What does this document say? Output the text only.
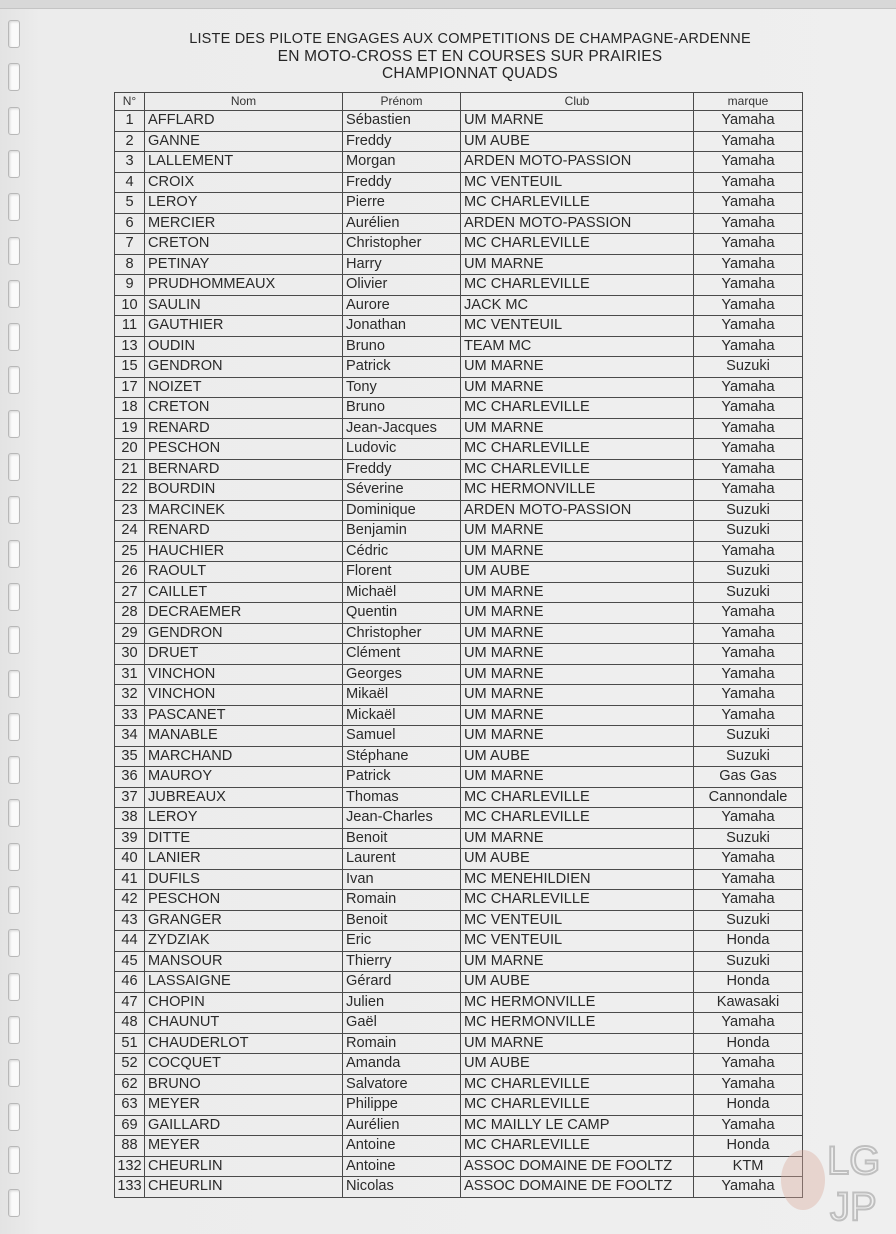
LISTE DES PILOTE ENGAGES AUX COMPETITIONS DE CHAMPAGNE-ARDENNE
EN MOTO-CROSS ET EN COURSES SUR PRAIRIES
CHAMPIONNAT QUADS
N°	Nom	Prénom	Club	marque
1	AFFLARD	Sébastien	UM MARNE	Yamaha
2	GANNE	Freddy	UM AUBE	Yamaha
3	LALLEMENT	Morgan	ARDEN MOTO-PASSION	Yamaha
4	CROIX	Freddy	MC VENTEUIL	Yamaha
5	LEROY	Pierre	MC CHARLEVILLE	Yamaha
6	MERCIER	Aurélien	ARDEN MOTO-PASSION	Yamaha
7	CRETON	Christopher	MC CHARLEVILLE	Yamaha
8	PETINAY	Harry	UM MARNE	Yamaha
9	PRUDHOMMEAUX	Olivier	MC CHARLEVILLE	Yamaha
10	SAULIN	Aurore	JACK MC	Yamaha
11	GAUTHIER	Jonathan	MC VENTEUIL	Yamaha
13	OUDIN	Bruno	TEAM MC	Yamaha
15	GENDRON	Patrick	UM MARNE	Suzuki
17	NOIZET	Tony	UM MARNE	Yamaha
18	CRETON	Bruno	MC CHARLEVILLE	Yamaha
19	RENARD	Jean-Jacques	UM MARNE	Yamaha
20	PESCHON	Ludovic	MC CHARLEVILLE	Yamaha
21	BERNARD	Freddy	MC CHARLEVILLE	Yamaha
22	BOURDIN	Séverine	MC HERMONVILLE	Yamaha
23	MARCINEK	Dominique	ARDEN MOTO-PASSION	Suzuki
24	RENARD	Benjamin	UM MARNE	Suzuki
25	HAUCHIER	Cédric	UM MARNE	Yamaha
26	RAOULT	Florent	UM AUBE	Suzuki
27	CAILLET	Michaël	UM MARNE	Suzuki
28	DECRAEMER	Quentin	UM MARNE	Yamaha
29	GENDRON	Christopher	UM MARNE	Yamaha
30	DRUET	Clément	UM MARNE	Yamaha
31	VINCHON	Georges	UM MARNE	Yamaha
32	VINCHON	Mikaël	UM MARNE	Yamaha
33	PASCANET	Mickaël	UM MARNE	Yamaha
34	MANABLE	Samuel	UM MARNE	Suzuki
35	MARCHAND	Stéphane	UM AUBE	Suzuki
36	MAUROY	Patrick	UM MARNE	Gas Gas
37	JUBREAUX	Thomas	MC CHARLEVILLE	Cannondale
38	LEROY	Jean-Charles	MC CHARLEVILLE	Yamaha
39	DITTE	Benoit	UM MARNE	Suzuki
40	LANIER	Laurent	UM AUBE	Yamaha
41	DUFILS	Ivan	MC MENEHILDIEN	Yamaha
42	PESCHON	Romain	MC CHARLEVILLE	Yamaha
43	GRANGER	Benoit	MC VENTEUIL	Suzuki
44	ZYDZIAK	Eric	MC VENTEUIL	Honda
45	MANSOUR	Thierry	UM MARNE	Suzuki
46	LASSAIGNE	Gérard	UM AUBE	Honda
47	CHOPIN	Julien	MC HERMONVILLE	Kawasaki
48	CHAUNUT	Gaël	MC HERMONVILLE	Yamaha
51	CHAUDERLOT	Romain	UM MARNE	Honda
52	COCQUET	Amanda	UM AUBE	Yamaha
62	BRUNO	Salvatore	MC CHARLEVILLE	Yamaha
63	MEYER	Philippe	MC CHARLEVILLE	Honda
69	GAILLARD	Aurélien	MC MAILLY LE CAMP	Yamaha
88	MEYER	Antoine	MC CHARLEVILLE	Honda
132	CHEURLIN	Antoine	ASSOC DOMAINE DE FOOLTZ	KTM
133	CHEURLIN	Nicolas	ASSOC DOMAINE DE FOOLTZ	Yamaha
LG
JP
